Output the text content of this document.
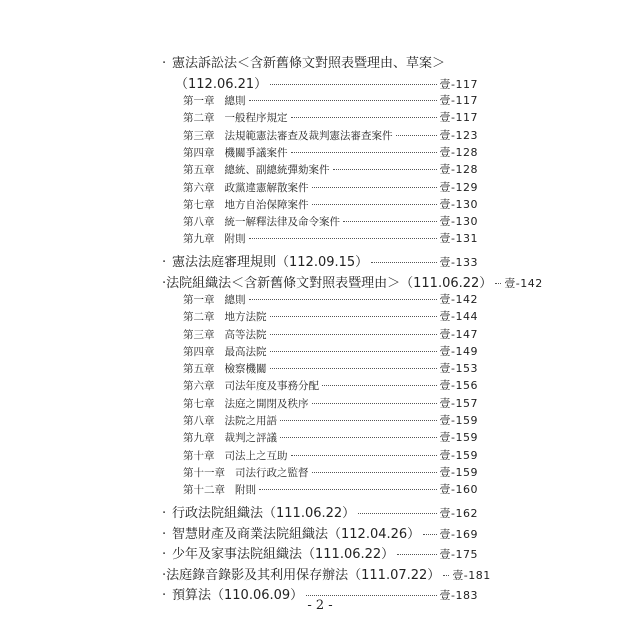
‧ 憲法訴訟法＜含新舊條文對照表暨理由、草案＞
（112.06.21）	壹-117
第一章 總則	壹-117
第二章 一般程序規定	壹-117
第三章 法規範憲法審查及裁判憲法審查案件	壹-123
第四章 機關爭議案件	壹-128
第五章 總統、副總統彈劾案件	壹-128
第六章 政黨違憲解散案件	壹-129
第七章 地方自治保障案件	壹-130
第八章 統一解釋法律及命令案件	壹-130
第九章 附則	壹-131
‧ 憲法法庭審理規則（112.09.15）	壹-133
‧ 法院組織法＜含新舊條文對照表暨理由＞（111.06.22） 壹-142
第一章 總則	壹-142
第二章 地方法院	壹-144
第三章 高等法院	壹-147
第四章 最高法院	壹-149
第五章 檢察機關	壹-153
第六章 司法年度及事務分配	壹-156
第七章 法庭之開閉及秩序	壹-157
第八章 法院之用語	壹-159
第九章 裁判之評議	壹-159
第十章 司法上之互助	壹-159
第十一章 司法行政之監督	壹-159
第十二章 附則	壹-160
‧ 行政法院組織法（111.06.22）	壹-162
‧ 智慧財產及商業法院組織法（112.04.26） 壹-169
‧ 少年及家事法院組織法（111.06.22）	壹-175
‧ 法庭錄音錄影及其利用保存辦法（111.07.22） 壹-181
‧ 預算法（110.06.09）	壹-183
- 2 -
